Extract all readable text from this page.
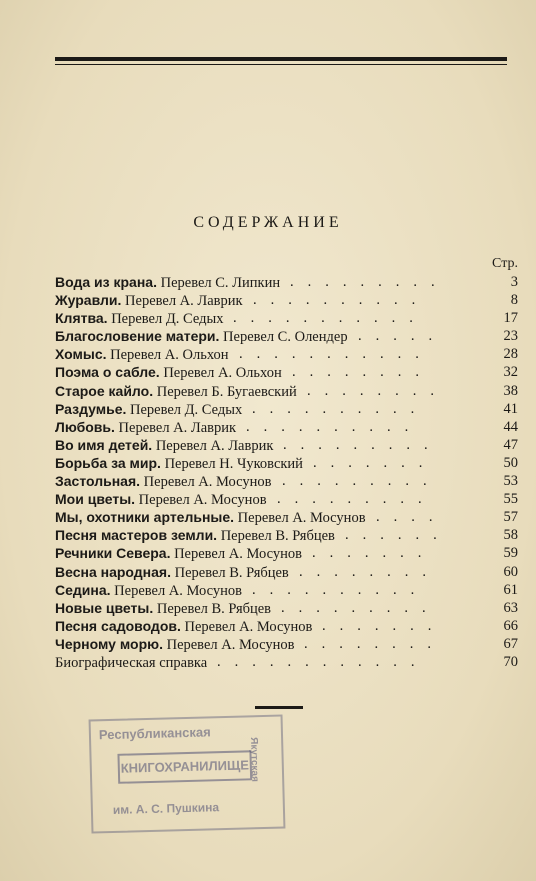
СОДЕРЖАНИЕ
Стр.
Вода из крана. Перевел С. Липкин	3
.........
Журавли. Перевел А. Лаврик	8
..........
Клятва. Перевел Д. Седых	17
...........
Благословение матери. Перевел С. Олендер	23
.....
Хомыс. Перевел А. Ольхон	28
...........
Поэма о сабле. Перевел А. Ольхон	32
........
Старое кайло. Перевел Б. Бугаевский	38
........
Раздумье. Перевел Д. Седых	41
..........
Любовь. Перевел А. Лаврик	44
..........
Во имя детей. Перевел А. Лаврик	47
.........
Борьба за мир. Перевел Н. Чуковский	50
.......
Застольная. Перевел А. Мосунов	53
.........
Мои цветы. Перевел А. Мосунов	55
.........
Мы, охотники артельные. Перевел А. Мосунов	57
....
Песня мастеров земли. Перевел В. Рябцев	58
......
Речники Севера. Перевел А. Мосунов	59
.......
Весна народная. Перевел В. Рябцев	60
........
Седина. Перевел А. Мосунов	61
..........
Новые цветы. Перевел В. Рябцев	63
.........
Песня садоводов. Перевел А. Мосунов	66
.......
Черному морю. Перевел А. Мосунов	67
........
Биографическая справка	70
............
Республиканская
КНИГОХРАНИЛИЩЕ
им. А. С. Пушкина
Якутская
